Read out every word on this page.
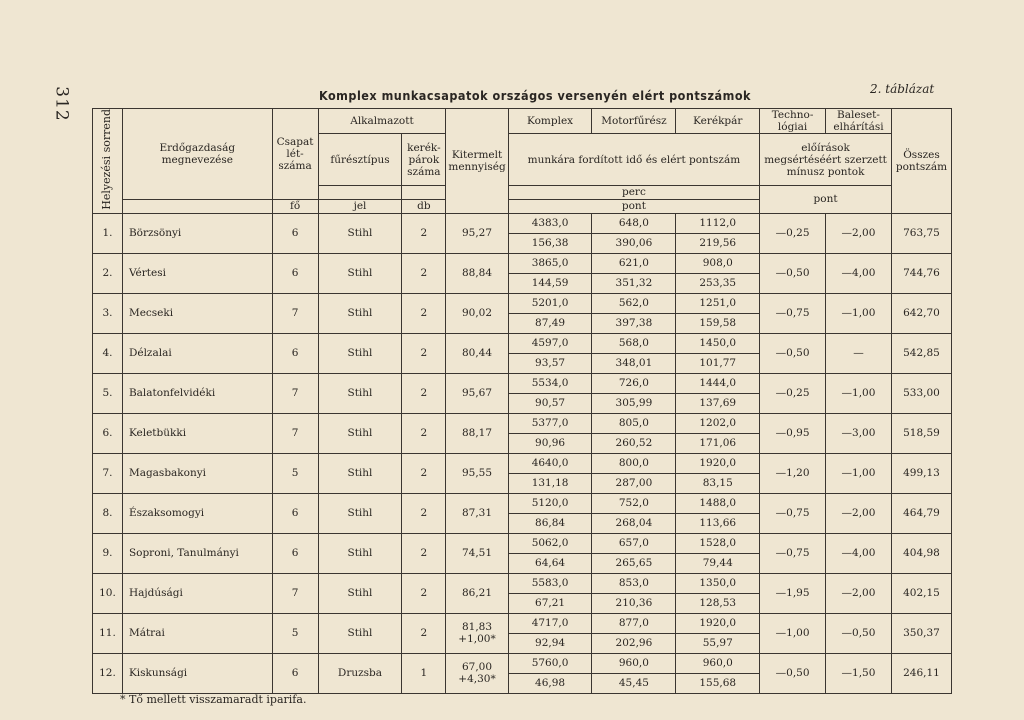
312	Komplex munkacsapatok országos versenyén elért pontszámok	2. táblázat
Helyezési sorrend	Erdőgazdaság megnevezése	Csapat lét-száma	Alkalmazott		Kitermelt mennyiség	Komplex	Motorfűrész	Kerékpár	Techno-lógiai	Baleset-elhárítási	Összes pontszám
			fűrésztípus	kerék-párok száma		munkára fordított idő és elért pontszám			előírások megsértéséért szerzett mínusz pontok		
						perc			pont		
		fő	jel	db		pont					
1.	Börzsönyi	6	Stihl	2	95,27	4383,0	648,0	1112,0	—0,25	—2,00	763,75
						156,38	390,06	219,56			
2.	Vértesi	6	Stihl	2	88,84	3865,0	621,0	908,0	—0,50	—4,00	744,76
						144,59	351,32	253,35			
3.	Mecseki	7	Stihl	2	90,02	5201,0	562,0	1251,0	—0,75	—1,00	642,70
						87,49	397,38	159,58			
4.	Délzalai	6	Stihl	2	80,44	4597,0	568,0	1450,0	—0,50	—	542,85
						93,57	348,01	101,77			
5.	Balatonfelvidéki	7	Stihl	2	95,67	5534,0	726,0	1444,0	—0,25	—1,00	533,00
						90,57	305,99	137,69			
6.	Keletbükki	7	Stihl	2	88,17	5377,0	805,0	1202,0	—0,95	—3,00	518,59
						90,96	260,52	171,06			
7.	Magasbakonyi	5	Stihl	2	95,55	4640,0	800,0	1920,0	—1,20	—1,00	499,13
						131,18	287,00	83,15			
8.	Északsomogyi	6	Stihl	2	87,31	5120,0	752,0	1488,0	—0,75	—2,00	464,79
						86,84	268,04	113,66			
9.	Soproni, Tanulmányi	6	Stihl	2	74,51	5062,0	657,0	1528,0	—0,75	—4,00	404,98
						64,64	265,65	79,44			
10.	Hajdúsági	7	Stihl	2	86,21	5583,0	853,0	1350,0	—1,95	—2,00	402,15
						67,21	210,36	128,53			
11.	Mátrai	5	Stihl	2	81,83
+1,00*	4717,0	877,0	1920,0	—1,00	—0,50	350,37
						92,94	202,96	55,97			
12.	Kiskunsági	6	Druzsba	1	67,00
+4,30*	5760,0	960,0	960,0	—0,50	—1,50	246,11
						46,98	45,45	155,68			
* Tő mellett visszamaradt iparifa.
